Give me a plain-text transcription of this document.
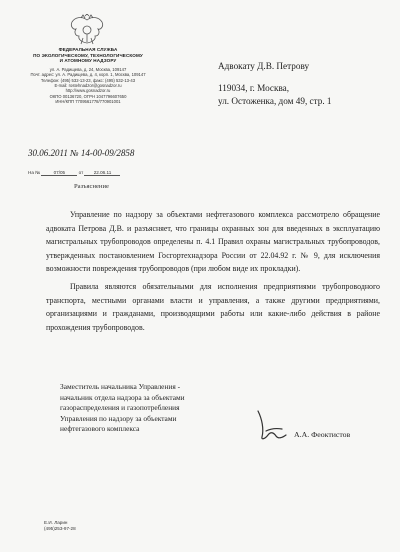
ФЕДЕРАЛЬНАЯ СЛУЖБА
ПО ЭКОЛОГИЧЕСКОМУ, ТЕХНОЛОГИЧЕСКОМУ
И АТОМНОМУ НАДЗОРУ
ул. А. Радищева, д. 24, Москва, 109147
Почт. адрес: ул. А. Радищева, д. 4, корп. 1, Москва, 109147
Телефон: (495) 532-13-23, факс: (495) 532-13-43
E-mail: rostehnadzor@gosnadzor.ru
http://www.gosnadzor.ru
ОКПО 00136720, ОГРН 1047796607650
ИНН/КПП 7709561778/770901001
30.06.2011 № 14-00-09/2858
На №	07/05	от 22.06.11
Разъяснение
Адвокату Д.В. Петрову
119034, г. Москва,
ул. Остоженка, дом 49, стр. 1

Управление по надзору за объектами нефтегазового комплекса рассмотрело обращение адвоката Петрова Д.В. и разъясняет, что границы охранных зон для введенных в эксплуатацию магистральных трубопроводов определены п. 4.1 Правил охраны магистральных трубопроводов, утвержденных постановлением Госгортехнадзора России от 22.04.92 г. № 9, для исключения возможности повреждения трубопроводов (при любом виде их прокладки).

Правила являются обязательными для исполнения предприятиями трубопроводного транспорта, местными органами власти и управления, а также другими предприятиями, организациями и гражданами, производящими работы или какие-либо действия в районе прохождения трубопроводов.

Заместитель начальника Управления - начальник отдела надзора за объектами газораспределения и газопотребления Управления по надзору за объектами нефтегазового комплекса
А.А. Феоктистов
Е.И. Ларин
(495)253-97-28
